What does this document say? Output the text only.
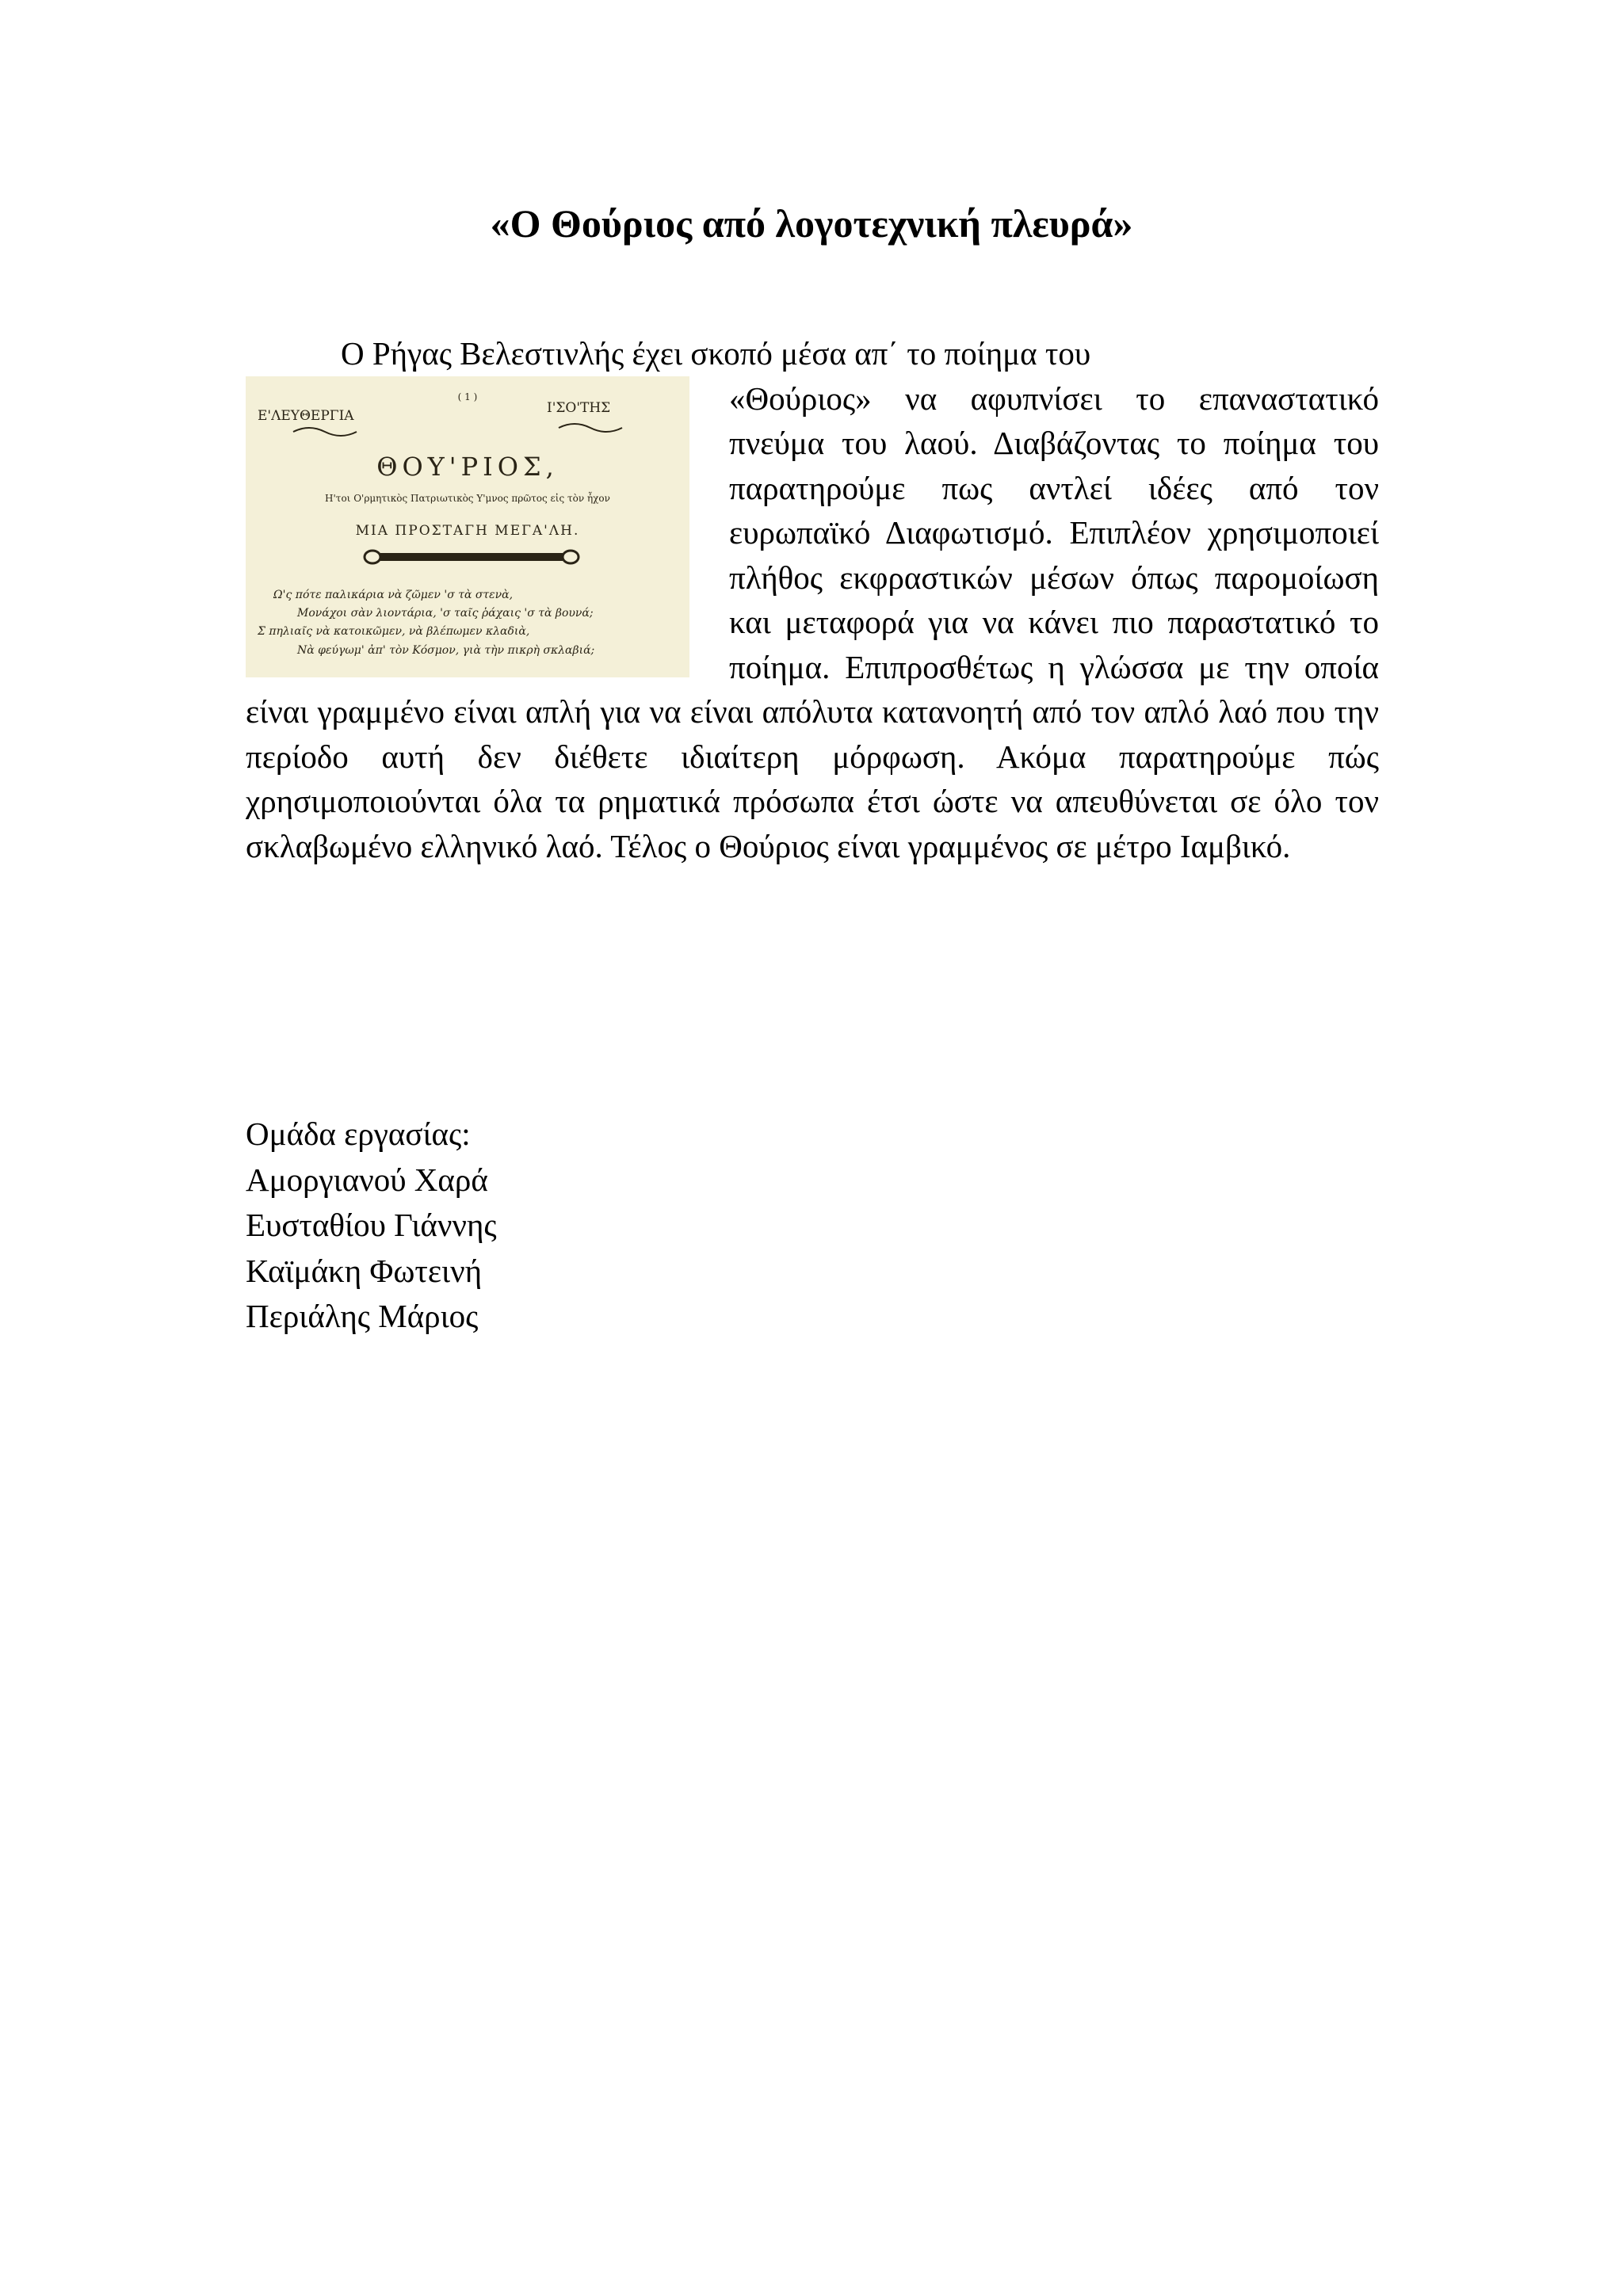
«Ο Θούριος από λογοτεχνική πλευρά»
Ο Ρήγας Βελεστινλής έχει σκοπό μέσα απ΄ το ποίημα του
Ε'ΛΕΥΘΕΡΓΙΑ
( 1 )
Ι'ΣΟ'ΤΗΣ
ΘΟΥ'ΡΙΟΣ,
Η'τοι Ο'ρμητικὸς Πατριωτικὸς Υ'μνος πρῶτος εἰς τὸν ἦχον
ΜΙΑ ΠΡΟΣΤΑΓΗ ΜΕΓΑ'ΛΗ.
Ω'ς πότε παλικάρια νὰ ζῶμεν 'σ τὰ στενὰ,
Μονάχοι σὰν λιοντάρια, 'σ ταῖς ῥάχαις 'σ τὰ βουνά;
Σ πηλιαῖς νὰ κατοικῶμεν, νὰ βλέπωμεν κλαδιὰ,
Νὰ φεύγωμ' ἀπ' τὸν Κόσμον, γιὰ τὴν πικρὴ σκλαβιά;
«Θούριος» να αφυπνίσει το επαναστατικό πνεύμα του λαού. Διαβάζοντας το ποίημα του παρατηρούμε πως αντλεί ιδέες από τον ευρωπαϊκό Διαφωτισμό. Επιπλέον χρησιμοποιεί πλήθος εκφραστικών μέσων όπως παρομοίωση και μεταφορά για να κάνει πιο παραστατικό το ποίημα. Επιπροσθέτως η γλώσσα με την οποία είναι γραμμένο είναι απλή για να είναι απόλυτα κατανοητή από τον απλό λαό που την περίοδο αυτή δεν διέθετε ιδιαίτερη μόρφωση. Ακόμα παρατηρούμε πώς χρησιμοποιούνται όλα τα ρηματικά πρόσωπα έτσι ώστε να απευθύνεται σε όλο τον σκλαβωμένο ελληνικό λαό. Τέλος ο Θούριος είναι γραμμένος σε μέτρο Ιαμβικό.
Ομάδα εργασίας:
Αμοργιανού Χαρά
Ευσταθίου Γιάννης
Καϊμάκη Φωτεινή
Περιάλης Μάριος
